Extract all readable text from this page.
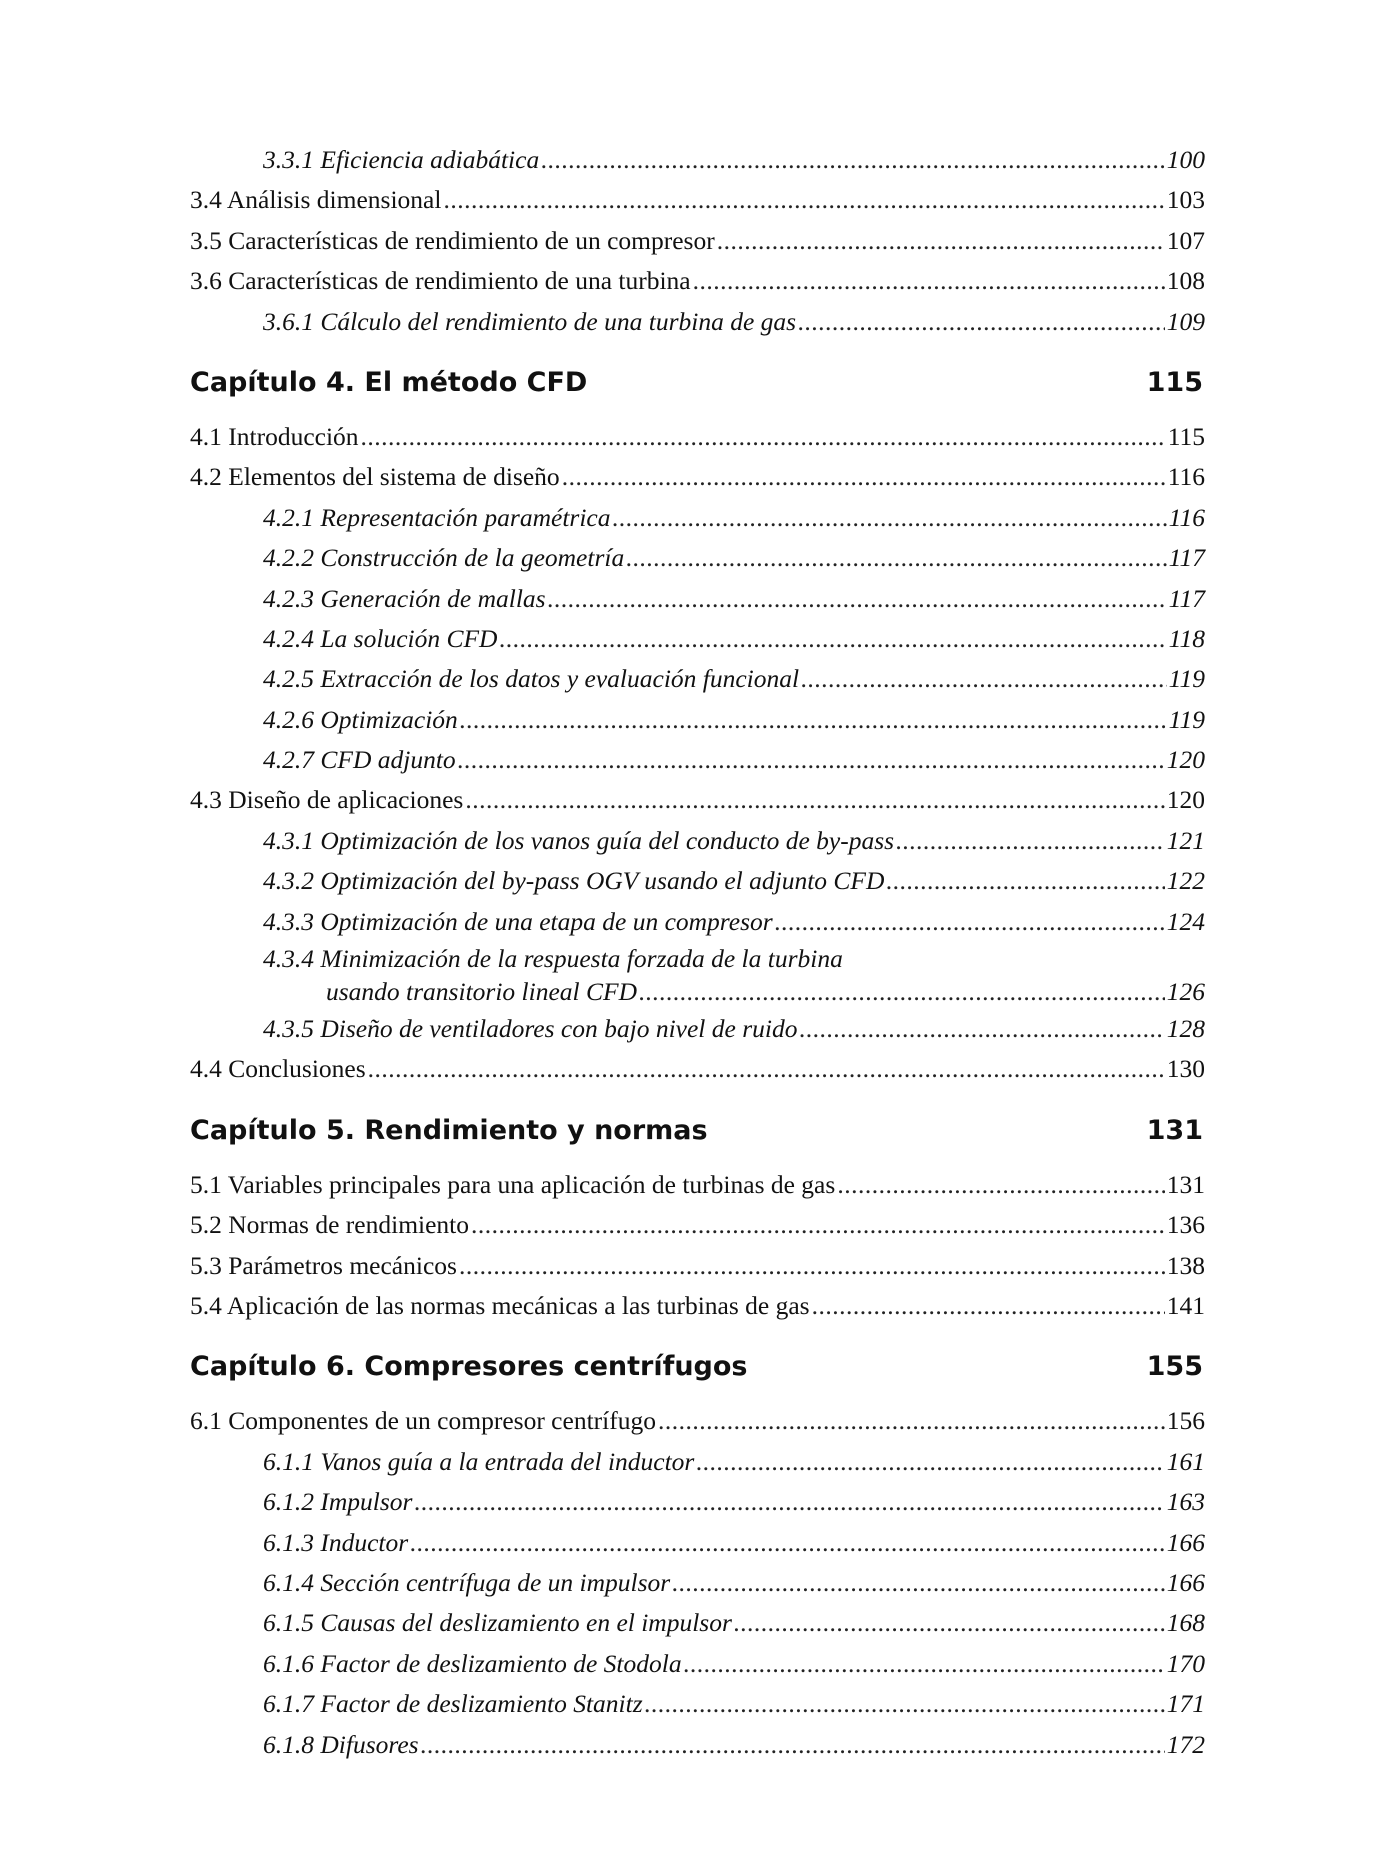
3.3.1 Eficiencia adiabática .....	100
3.4 Análisis dimensional .....	103
3.5 Características de rendimiento de un compresor .....	107
3.6 Características de rendimiento de una turbina .....	108
3.6.1 Cálculo del rendimiento de una turbina de gas .....	109
Capítulo 4. El método CFD	115
4.1 Introducción .....	115
4.2 Elementos del sistema de diseño .....	116
4.2.1 Representación paramétrica .....	116
4.2.2 Construcción de la geometría .....	117
4.2.3 Generación de mallas .....	117
4.2.4 La solución CFD .....	118
4.2.5 Extracción de los datos y evaluación funcional .....	119
4.2.6 Optimización .....	119
4.2.7 CFD adjunto .....	120
4.3 Diseño de aplicaciones .....	120
4.3.1 Optimización de los vanos guía del conducto de by-pass .....	121
4.3.2 Optimización del by-pass OGV usando el adjunto CFD .....	122
4.3.3 Optimización de una etapa de un compresor .....	124
4.3.4 Minimización de la respuesta forzada de la turbina
usando transitorio lineal CFD .....	126
4.3.5 Diseño de ventiladores con bajo nivel de ruido .....	128
4.4 Conclusiones .....	130
Capítulo 5. Rendimiento y normas	131
5.1 Variables principales para una aplicación de turbinas de gas .....	131
5.2 Normas de rendimiento .....	136
5.3 Parámetros mecánicos .....	138
5.4 Aplicación de las normas mecánicas a las turbinas de gas .....	141
Capítulo 6. Compresores centrífugos	155
6.1 Componentes de un compresor centrífugo .....	156
6.1.1 Vanos guía a la entrada del inductor .....	161
6.1.2 Impulsor .....	163
6.1.3 Inductor .....	166
6.1.4 Sección centrífuga de un impulsor .....	166
6.1.5 Causas del deslizamiento en el impulsor .....	168
6.1.6 Factor de deslizamiento de Stodola .....	170
6.1.7 Factor de deslizamiento Stanitz .....	171
6.1.8 Difusores .....	172
